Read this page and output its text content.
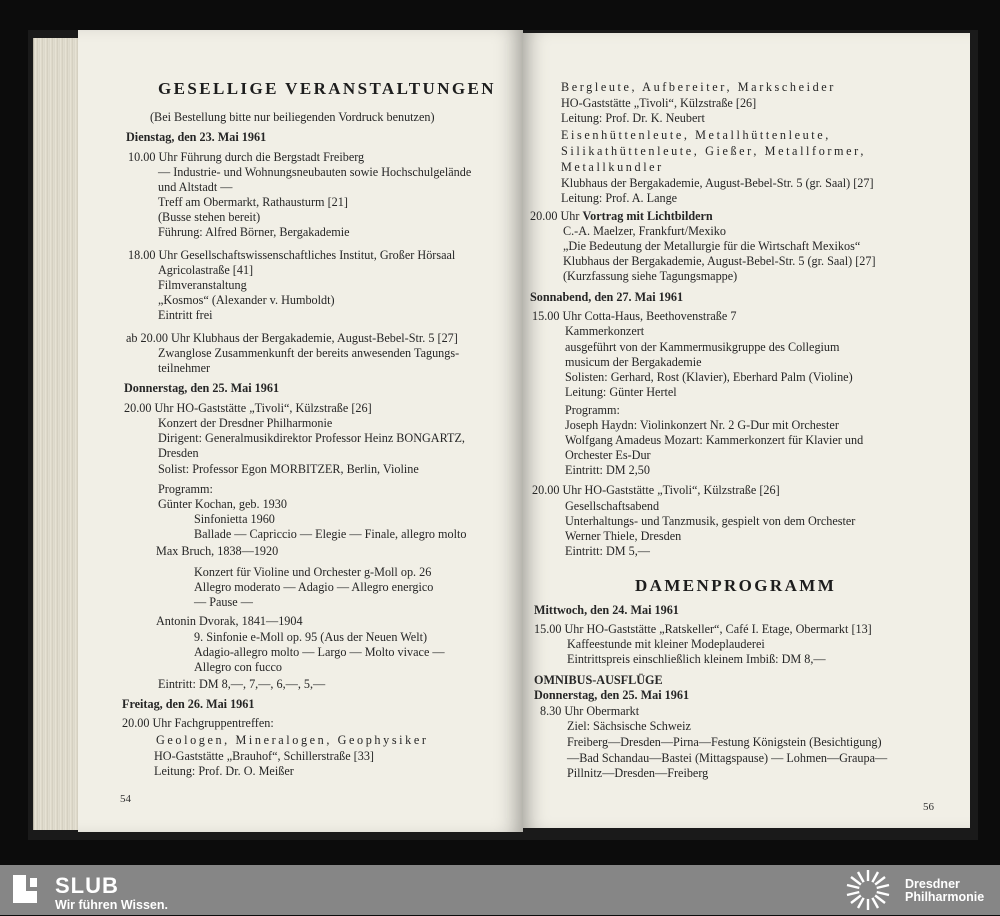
GESELLIGE VERANSTALTUNGEN
(Bei Bestellung bitte nur beiliegenden Vordruck benutzen)
Dienstag, den 23. Mai 1961
10.00 Uhr Führung durch die Bergstadt Freiberg
— Industrie- und Wohnungsneubauten sowie Hochschulgelände
und Altstadt —
Treff am Obermarkt, Rathausturm [21]
(Busse stehen bereit)
Führung: Alfred Börner, Bergakademie
18.00 Uhr Gesellschaftswissenschaftliches Institut, Großer Hörsaal
Agricolastraße [41]
Filmveranstaltung
„Kosmos“ (Alexander v. Humboldt)
Eintritt frei
ab 20.00 Uhr Klubhaus der Bergakademie, August-Bebel-Str. 5 [27]
Zwanglose Zusammenkunft der bereits anwesenden Tagungs-
teilnehmer
Donnerstag, den 25. Mai 1961
20.00 Uhr HO-Gaststätte „Tivoli“, Külzstraße [26]
Konzert der Dresdner Philharmonie
Dirigent: Generalmusikdirektor Professor Heinz BONGARTZ,
Dresden
Solist: Professor Egon MORBITZER, Berlin, Violine
Programm:
Günter Kochan, geb. 1930
Sinfonietta 1960
Ballade — Capriccio — Elegie — Finale, allegro molto
Max Bruch, 1838—1920
Konzert für Violine und Orchester g-Moll op. 26
Allegro moderato — Adagio — Allegro energico
— Pause —
Antonin Dvorak, 1841—1904
9. Sinfonie e-Moll op. 95 (Aus der Neuen Welt)
Adagio-allegro molto — Largo — Molto vivace —
Allegro con fucco
Eintritt: DM 8,—, 7,—, 6,—, 5,—
Freitag, den 26. Mai 1961
20.00 Uhr Fachgruppentreffen:
Geologen, Mineralogen, Geophysiker
HO-Gaststätte „Brauhof“, Schillerstraße [33]
Leitung: Prof. Dr. O. Meißer
54
Bergleute, Aufbereiter, Markscheider
HO-Gaststätte „Tivoli“, Külzstraße [26]
Leitung: Prof. Dr. K. Neubert
Eisenhüttenleute, Metallhüttenleute,
Silikathüttenleute, Gießer, Metallformer,
Metallkundler
Klubhaus der Bergakademie, August-Bebel-Str. 5 (gr. Saal) [27]
Leitung: Prof. A. Lange
20.00 Uhr Vortrag mit Lichtbildern
C.-A. Maelzer, Frankfurt/Mexiko
„Die Bedeutung der Metallurgie für die Wirtschaft Mexikos“
Klubhaus der Bergakademie, August-Bebel-Str. 5 (gr. Saal) [27]
(Kurzfassung siehe Tagungsmappe)
Sonnabend, den 27. Mai 1961
15.00 Uhr Cotta-Haus, Beethovenstraße 7
Kammerkonzert
ausgeführt von der Kammermusikgruppe des Collegium
musicum der Bergakademie
Solisten: Gerhard, Rost (Klavier), Eberhard Palm (Violine)
Leitung: Günter Hertel
Programm:
Joseph Haydn: Violinkonzert Nr. 2 G-Dur mit Orchester
Wolfgang Amadeus Mozart: Kammerkonzert für Klavier und
Orchester Es-Dur
Eintritt: DM 2,50
20.00 Uhr HO-Gaststätte „Tivoli“, Külzstraße [26]
Gesellschaftsabend
Unterhaltungs- und Tanzmusik, gespielt von dem Orchester
Werner Thiele, Dresden
Eintritt: DM 5,—
DAMENPROGRAMM
Mittwoch, den 24. Mai 1961
15.00 Uhr HO-Gaststätte „Ratskeller“, Café I. Etage, Obermarkt [13]
Kaffeestunde mit kleiner Modeplauderei
Eintrittspreis einschließlich kleinem Imbiß: DM 8,—
OMNIBUS-AUSFLÜGE
Donnerstag, den 25. Mai 1961
8.30 Uhr Obermarkt
Ziel: Sächsische Schweiz
Freiberg—Dresden—Pirna—Festung Königstein (Besichtigung)
—Bad Schandau—Bastei (Mittagspause) — Lohmen—Graupa—
Pillnitz—Dresden—Freiberg
56
SLUB
Wir führen Wissen.
Dresdner
Philharmonie
